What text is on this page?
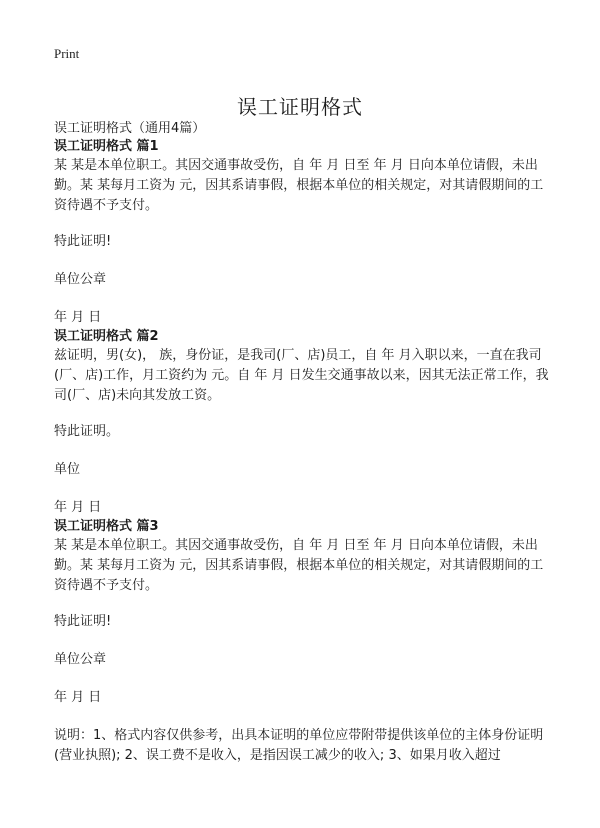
Print
误工证明格式

误工证明格式（通用4篇）

误工证明格式 篇1

某 某是本单位职工。其因交通事故受伤，自 年 月 日至 年 月 日向本单位请假，未出勤。某 某每月工资为 元，因其系请事假，根据本单位的相关规定，对其请假期间的工资待遇不予支付。

特此证明!

单位公章

年 月 日

误工证明格式 篇2

兹证明，男(女)， 族，身份证，是我司(厂、店)员工，自 年 月入职以来，一直在我司(厂、店)工作，月工资约为 元。自 年 月 日发生交通事故以来，因其无法正常工作，我司(厂、店)未向其发放工资。

特此证明。

单位

年 月 日

误工证明格式 篇3

某 某是本单位职工。其因交通事故受伤，自 年 月 日至 年 月 日向本单位请假，未出勤。某 某每月工资为 元，因其系请事假，根据本单位的相关规定，对其请假期间的工资待遇不予支付。

特此证明!

单位公章

年 月 日

说明：1、格式内容仅供参考，出具本证明的单位应带附带提供该单位的主体身份证明(营业执照); 2、误工费不是收入，是指因误工减少的收入; 3、如果月收入超过
